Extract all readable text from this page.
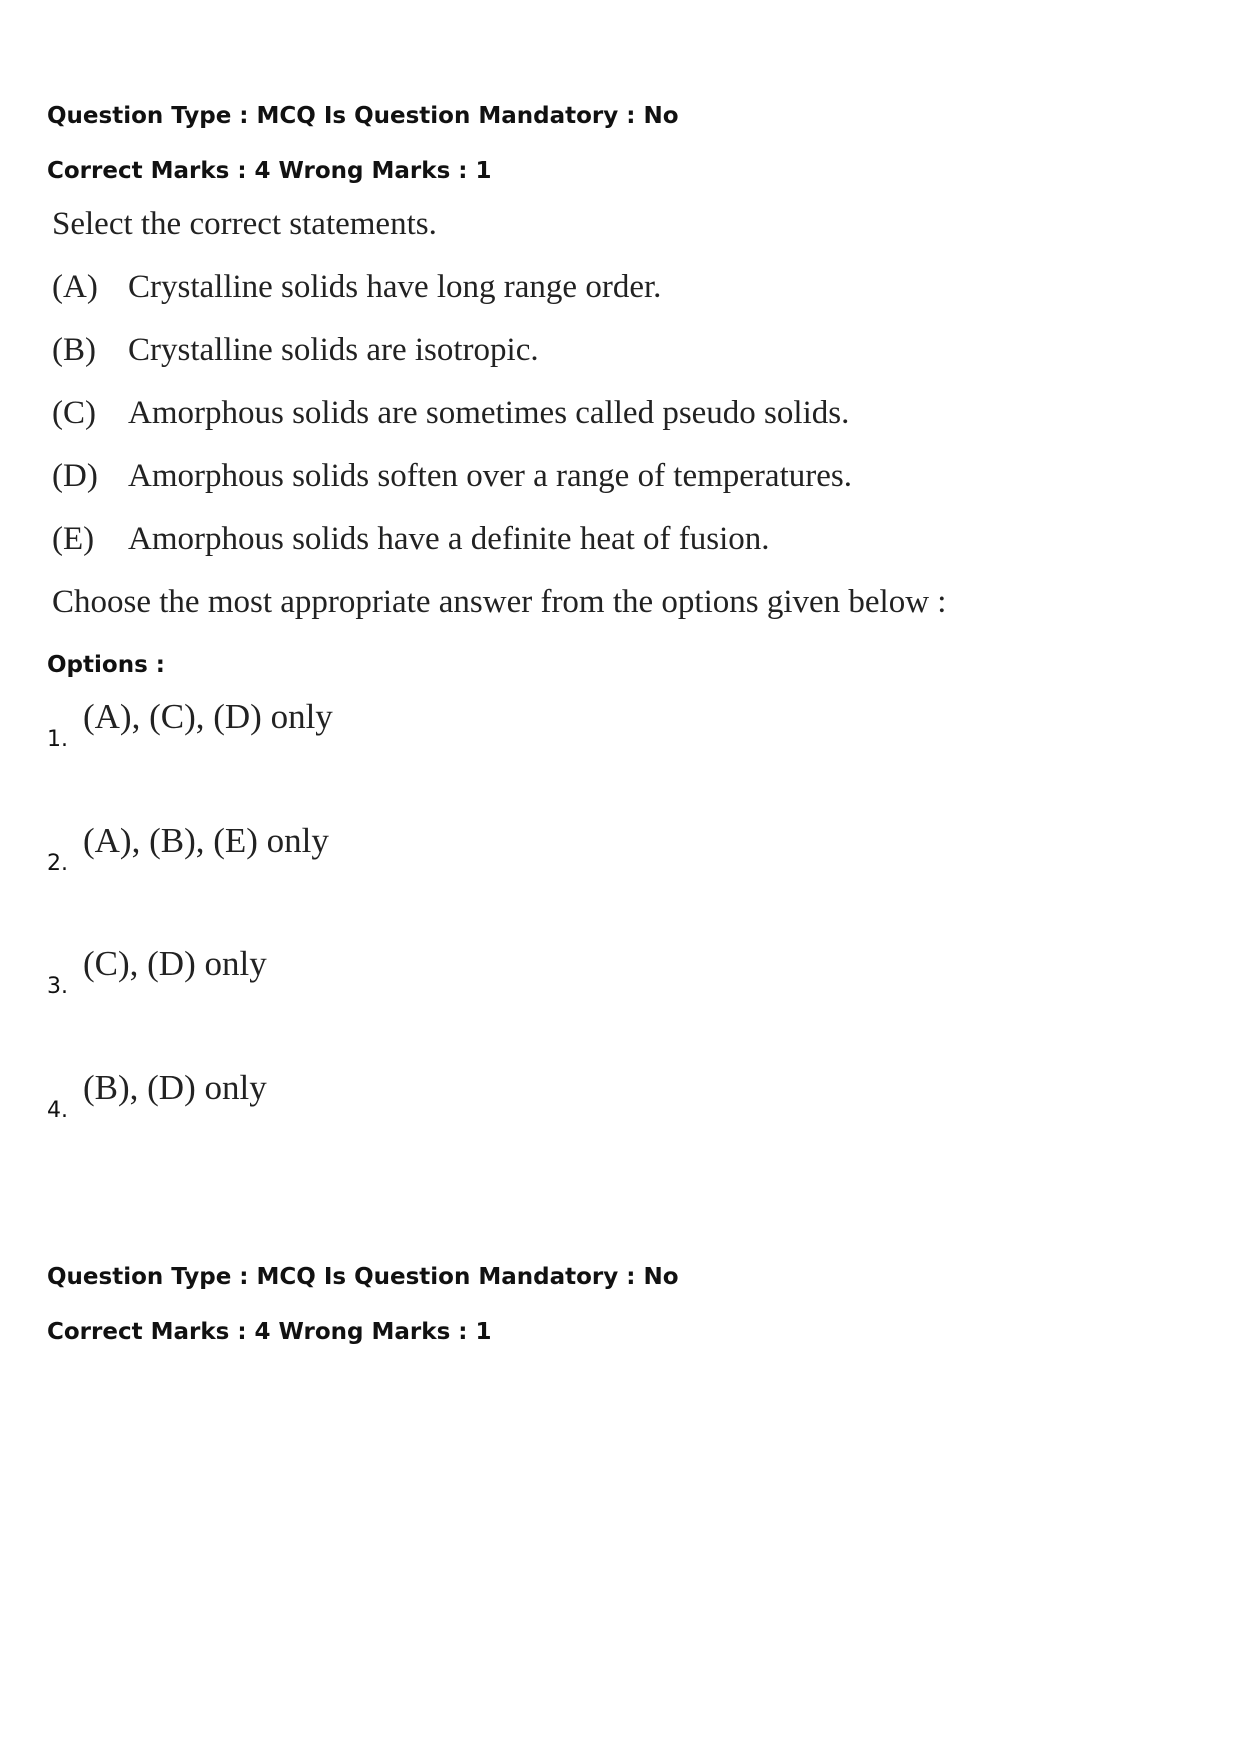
Question Type : MCQ Is Question Mandatory : No
Correct Marks : 4 Wrong Marks : 1
Select the correct statements.
(A) Crystalline solids have long range order.
(B) Crystalline solids are isotropic.
(C) Amorphous solids are sometimes called pseudo solids.
(D) Amorphous solids soften over a range of temperatures.
(E) Amorphous solids have a definite heat of fusion.
Choose the most appropriate answer from the options given below :
Options :
1.
(A), (C), (D) only
2.
(A), (B), (E) only
3.
(C), (D) only
4.
(B), (D) only
Question Type : MCQ Is Question Mandatory : No
Correct Marks : 4 Wrong Marks : 1
